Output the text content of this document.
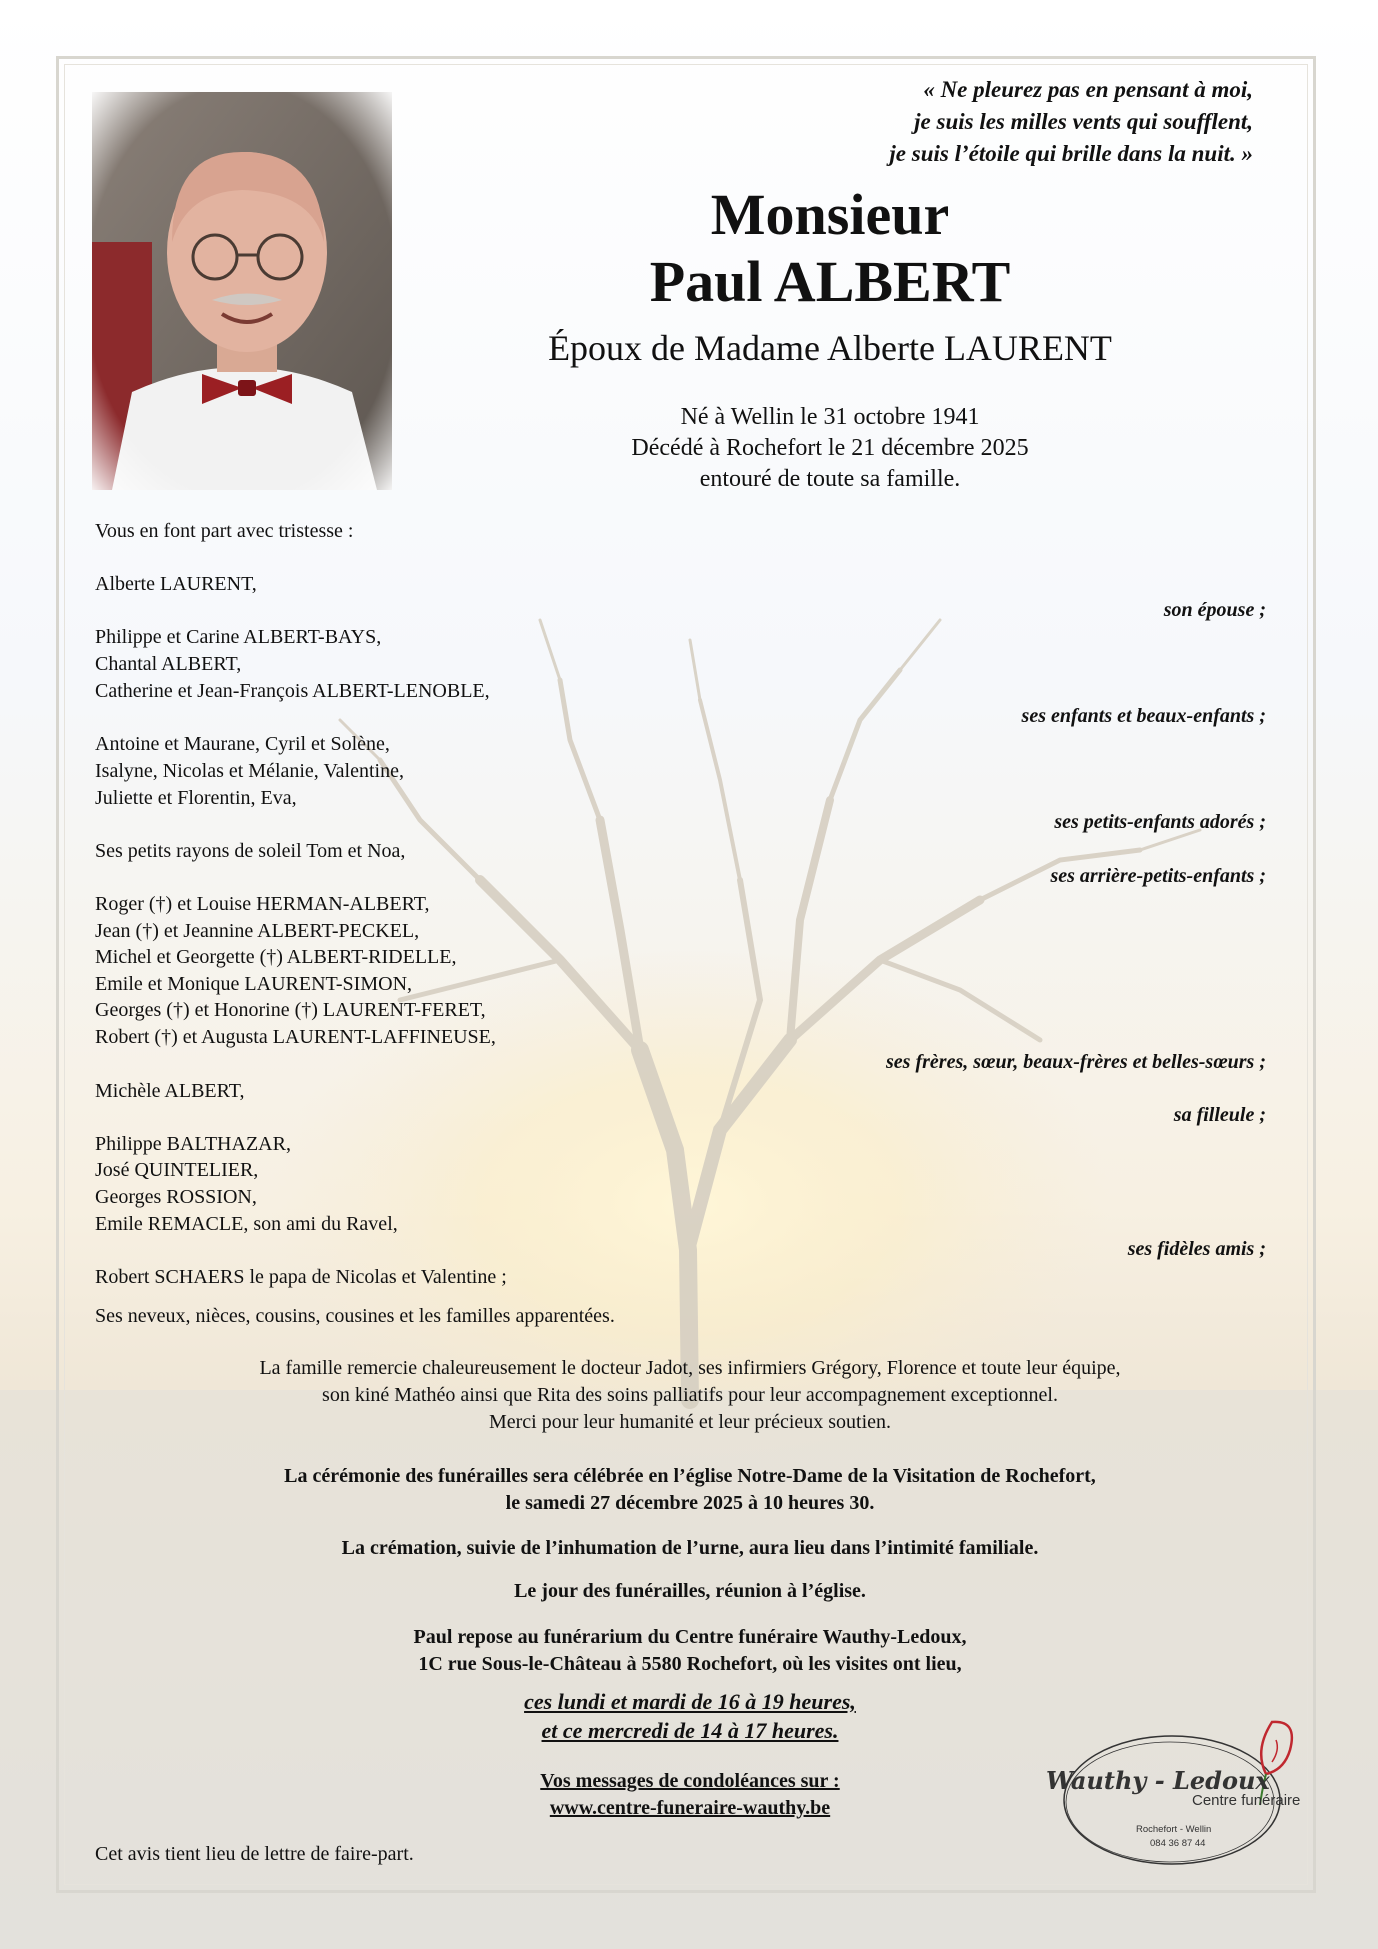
« Ne pleurez pas en pensant à moi,
je suis les milles vents qui soufflent,
je suis l’étoile qui brille dans la nuit. »
Monsieur
Paul ALBERT
Époux de Madame Alberte LAURENT
Né à Wellin le 31 octobre 1941
Décédé à Rochefort le 21 décembre 2025
entouré de toute sa famille.
Vous en font part avec tristesse :
Alberte LAURENT,
son épouse ;
Philippe et Carine ALBERT-BAYS,
Chantal ALBERT,
Catherine et Jean-François ALBERT-LENOBLE,
ses enfants et beaux-enfants ;
Antoine et Maurane, Cyril et Solène,
Isalyne, Nicolas et Mélanie, Valentine,
Juliette et Florentin, Eva,
ses petits-enfants adorés ;
Ses petits rayons de soleil Tom et Noa,
ses arrière-petits-enfants ;
Roger (†) et Louise HERMAN-ALBERT,
Jean (†) et Jeannine ALBERT-PECKEL,
Michel et Georgette (†) ALBERT-RIDELLE,
Emile et Monique LAURENT-SIMON,
Georges (†) et Honorine (†) LAURENT-FERET,
Robert (†) et Augusta LAURENT-LAFFINEUSE,
ses frères, sœur, beaux-frères et belles-sœurs ;
Michèle ALBERT,
sa filleule ;
Philippe BALTHAZAR,
José QUINTELIER,
Georges ROSSION,
Emile REMACLE, son ami du Ravel,
ses fidèles amis ;
Robert SCHAERS le papa de Nicolas et Valentine ;
Ses neveux, nièces, cousins, cousines et les familles apparentées.
La famille remercie chaleureusement le docteur Jadot, ses infirmiers Grégory, Florence et toute leur équipe,
son kiné Mathéo ainsi que Rita des soins palliatifs pour leur accompagnement exceptionnel.
Merci pour leur humanité et leur précieux soutien.
La cérémonie des funérailles sera célébrée en l’église Notre-Dame de la Visitation de Rochefort,
le samedi 27 décembre 2025 à 10 heures 30.
La crémation, suivie de l’inhumation de l’urne, aura lieu dans l’intimité familiale.
Le jour des funérailles, réunion à l’église.
Paul repose au funérarium du Centre funéraire Wauthy-Ledoux,
1C rue Sous-le-Château à 5580 Rochefort, où les visites ont lieu,
ces lundi et mardi de 16 à 19 heures,
et ce mercredi de 14 à 17 heures.
Vos messages de condoléances sur :
www.centre-funeraire-wauthy.be
Cet avis tient lieu de lettre de faire-part.
Wauthy - Ledoux
Centre funéraire
Rochefort - Wellin
084 36 87 44
